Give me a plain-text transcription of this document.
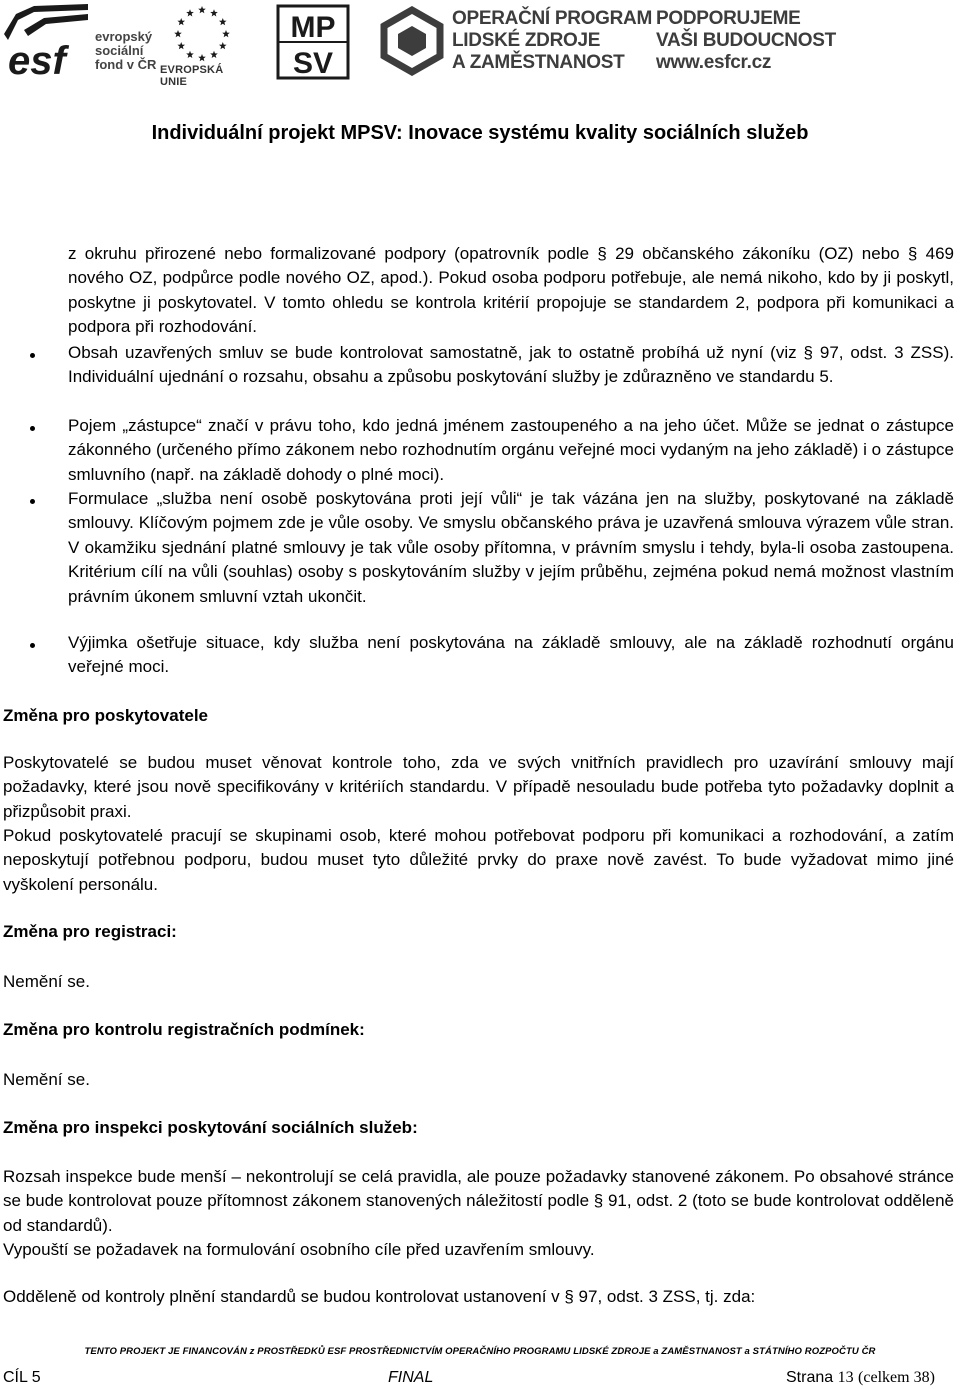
esf
evropský
sociální
fond v ČR EVROPSKÁ UNIE
MP
SV
OPERAČNÍ PROGRAM
LIDSKÉ ZDROJE
A ZAMĚSTNANOST
PODPORUJEME
VAŠI BUDOUCNOST
www.esfcr.cz
Individuální projekt MPSV: Inovace systému kvality sociálních služeb

z okruhu přirozené nebo formalizované podpory (opatrovník podle § 29 občanského zákoníku (OZ) nebo § 469 nového OZ, podpůrce podle nového OZ, apod.). Pokud osoba podporu potřebuje, ale nemá nikoho, kdo by ji poskytl, poskytne ji poskytovatel. V tomto ohledu se kontrola kritérií propojuje se standardem 2, podpora při komunikaci a podpora při rozhodování.

Obsah uzavřených smluv se bude kontrolovat samostatně, jak to ostatně probíhá už nyní (viz § 97, odst. 3 ZSS). Individuální ujednání o rozsahu, obsahu a způsobu poskytování služby je zdůrazněno ve standardu 5.

Pojem „zástupce“ značí v právu toho, kdo jedná jménem zastoupeného a na jeho účet. Může se jednat o zástupce zákonného (určeného přímo zákonem nebo rozhodnutím orgánu veřejné moci vydaným na jeho základě) i o zástupce smluvního (např. na základě dohody o plné moci).

Formulace „služba není osobě poskytována proti její vůli“ je tak vázána jen na služby, poskytované na základě smlouvy. Klíčovým pojmem zde je vůle osoby. Ve smyslu občanského práva je uzavřená smlouva výrazem vůle stran. V okamžiku sjednání platné smlouvy je tak vůle osoby přítomna, v právním smyslu i tehdy, byla-li osoba zastoupena. Kritérium cílí na vůli (souhlas) osoby s poskytováním služby v jejím průběhu, zejména pokud nemá možnost vlastním právním úkonem smluvní vztah ukončit.

Výjimka ošetřuje situace, kdy služba není poskytována na základě smlouvy, ale na základě rozhodnutí orgánu veřejné moci.

Změna pro poskytovatele

Poskytovatelé se budou muset věnovat kontrole toho, zda ve svých vnitřních pravidlech pro uzavírání smlouvy mají požadavky, které jsou nově specifikovány v kritériích standardu. V případě nesouladu bude potřeba tyto požadavky doplnit a přizpůsobit praxi.

Pokud poskytovatelé pracují se skupinami osob, které mohou potřebovat podporu při komunikaci a rozhodování, a zatím neposkytují potřebnou podporu, budou muset tyto důležité prvky do praxe nově zavést. To bude vyžadovat mimo jiné vyškolení personálu.

Změna pro registraci:

Nemění se.

Změna pro kontrolu registračních podmínek:

Nemění se.

Změna pro inspekci poskytování sociálních služeb:

Rozsah inspekce bude menší – nekontrolují se celá pravidla, ale pouze požadavky stanovené zákonem. Po obsahové stránce se bude kontrolovat pouze přítomnost zákonem stanovených náležitostí podle § 91, odst. 2 (toto se bude kontrolovat odděleně od standardů).

Vypouští se požadavek na formulování osobního cíle před uzavřením smlouvy.

Odděleně od kontroly plnění standardů se budou kontrolovat ustanovení v § 97, odst. 3 ZSS, tj. zda:

TENTO PROJEKT JE FINANCOVÁN z PROSTŘEDKŮ ESF PROSTŘEDNICTVÍM OPERAČNÍHO PROGRAMU LIDSKÉ ZDROJE a ZAMĚSTNANOST a STÁTNÍHO ROZPOČTU ČR
CÍL 5	FINAL	Strana 13 (celkem 38)
